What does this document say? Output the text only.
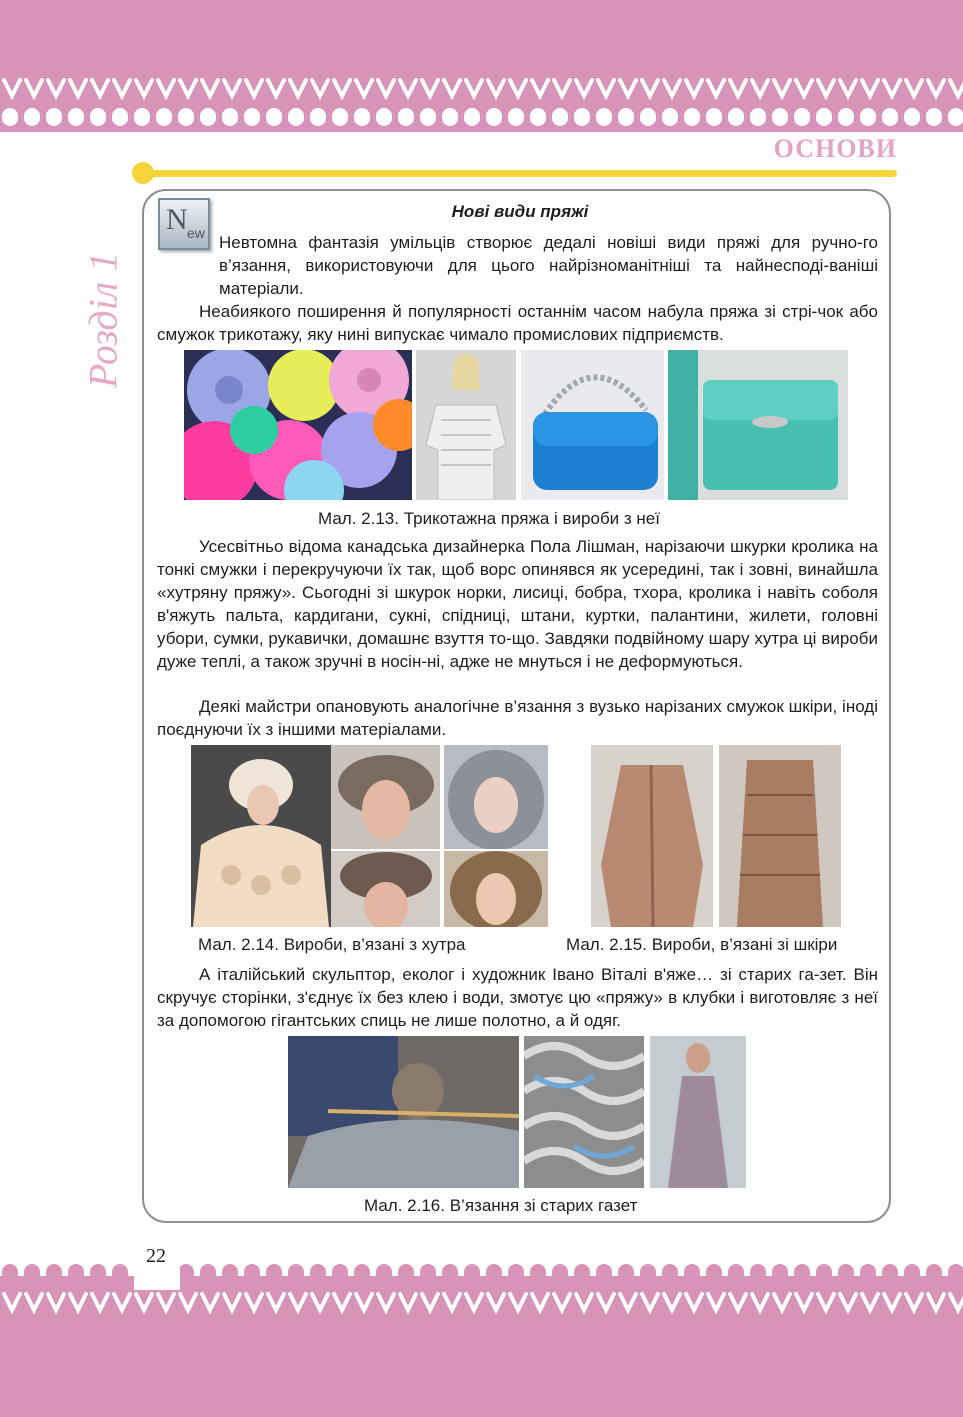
ОСНОВИ
Розділ 1
N ew
Нові види пряжі
Невтомна фантазія умільців створює дедалі новіші види пряжі для ручно-го в’язання, використовуючи для цього найрізноманітніші та найнесподі-ваніші матеріали.
Неабиякого поширення й популярності останнім часом набула пряжа зі стрі-чок або смужок трикотажу, яку нині випускає чимало промислових підприємств.
Мал. 2.13. Трикотажна пряжа і вироби з неї
Усесвітньо відома канадська дизайнерка Пола Лішман, нарізаючи шкурки кролика на тонкі смужки і перекручуючи їх так, щоб ворс опинявся як усередині, так і зовні, винайшла «хутряну пряжу». Сьогодні зі шкурок норки, лисиці, бобра, тхора, кролика і навіть соболя в'яжуть пальта, кардигани, сукні, спідниці, штани, куртки, палантини, жилети, головні убори, сумки, рукавички, домашнє взуття то-що. Завдяки подвійному шару хутра ці вироби дуже теплі, а також зручні в носін-ні, адже не мнуться і не деформуються.
Деякі майстри опановують аналогічне в’язання з вузько нарізаних смужок шкіри, іноді поєднуючи їх з іншими матеріалами.
Мал. 2.14. Вироби, в’язані з хутра	Мал. 2.15. Вироби, в’язані зі шкіри
А італійський скульптор, еколог і художник Івано Віталі в'яже… зі старих га-зет. Він скручує сторінки, з'єднує їх без клею і води, змотує цю «пряжу» в клубки і виготовляє з неї за допомогою гігантських спиць не лише полотно, а й одяг.
Мал. 2.16. В’язання зі старих газет
22
